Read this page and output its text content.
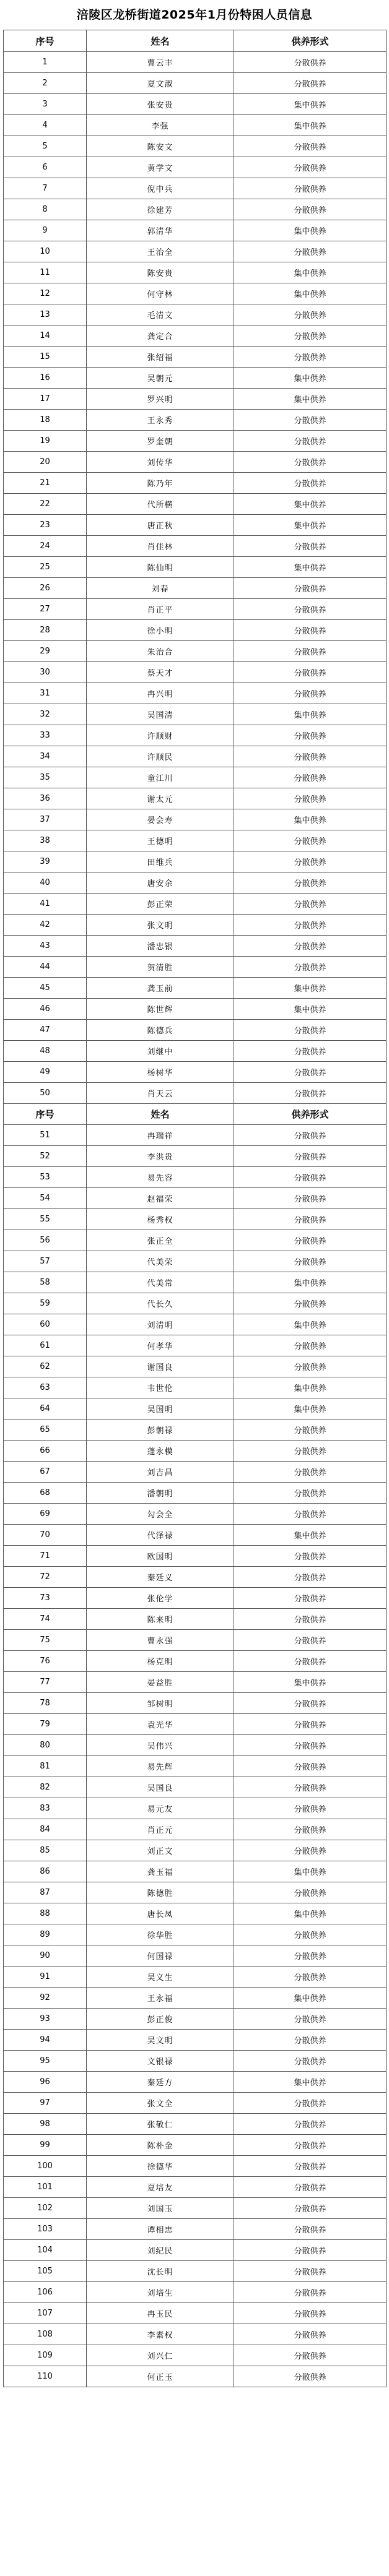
涪陵区龙桥街道2025年1月份特困人员信息
序号	姓名	供养形式
1	曹云丰	分散供养
2	夏文淑	分散供养
3	张安贵	集中供养
4	李强	集中供养
5	陈安文	分散供养
6	黄学文	分散供养
7	倪中兵	分散供养
8	徐建芳	分散供养
9	郭清华	集中供养
10	王治全	分散供养
11	陈安贵	集中供养
12	何守林	集中供养
13	毛清文	分散供养
14	龚定合	分散供养
15	张绍福	分散供养
16	吴朝元	集中供养
17	罗兴明	集中供养
18	王永秀	分散供养
19	罗奎朝	分散供养
20	刘传华	分散供养
21	陈乃年	分散供养
22	代所横	集中供养
23	唐正秋	集中供养
24	肖佳林	分散供养
25	陈仙明	集中供养
26	刘春	分散供养
27	肖正平	分散供养
28	徐小明	分散供养
29	朱治合	分散供养
30	蔡天才	分散供养
31	冉兴明	分散供养
32	吴国清	集中供养
33	许顺财	分散供养
34	许顺民	分散供养
35	童江川	分散供养
36	谢太元	分散供养
37	晏会寿	集中供养
38	王德明	分散供养
39	田维兵	分散供养
40	唐安余	分散供养
41	彭正荣	分散供养
42	张文明	分散供养
43	潘忠银	分散供养
44	贺清胜	分散供养
45	龚玉前	集中供养
46	陈世辉	集中供养
47	陈德兵	分散供养
48	刘继中	分散供养
49	杨树华	分散供养
50	肖天云	分散供养
序号	姓名	供养形式
51	冉瑞祥	分散供养
52	李洪贵	分散供养
53	易先容	分散供养
54	赵福荣	分散供养
55	杨秀权	分散供养
56	张正全	分散供养
57	代美荣	分散供养
58	代美常	集中供养
59	代长久	分散供养
60	刘清明	集中供养
61	何孝华	分散供养
62	谢国良	分散供养
63	韦世伦	集中供养
64	吴国明	集中供养
65	彭朝禄	分散供养
66	蓬永模	分散供养
67	刘吉昌	分散供养
68	潘朝明	分散供养
69	勾会全	分散供养
70	代泽禄	集中供养
71	欧国明	分散供养
72	秦廷义	分散供养
73	张伦学	分散供养
74	陈来明	分散供养
75	曹永强	分散供养
76	杨克明	分散供养
77	晏益胜	集中供养
78	邹树明	分散供养
79	袁光华	分散供养
80	吴伟兴	分散供养
81	易先辉	分散供养
82	吴国良	分散供养
83	易元友	分散供养
84	肖正元	分散供养
85	刘正文	分散供养
86	龚玉福	集中供养
87	陈德胜	分散供养
88	唐长凤	集中供养
89	徐华胜	分散供养
90	何国禄	分散供养
91	吴义生	分散供养
92	王永福	集中供养
93	彭正俊	分散供养
94	吴文明	分散供养
95	文银禄	分散供养
96	秦廷方	集中供养
97	张文全	分散供养
98	张敬仁	分散供养
99	陈朴金	分散供养
100	徐德华	分散供养
101	夏培友	分散供养
102	刘国玉	分散供养
103	谭相忠	分散供养
104	刘纪民	分散供养
105	沈长明	分散供养
106	刘培生	分散供养
107	冉玉民	分散供养
108	李素权	分散供养
109	刘兴仁	分散供养
110	何正玉	分散供养
